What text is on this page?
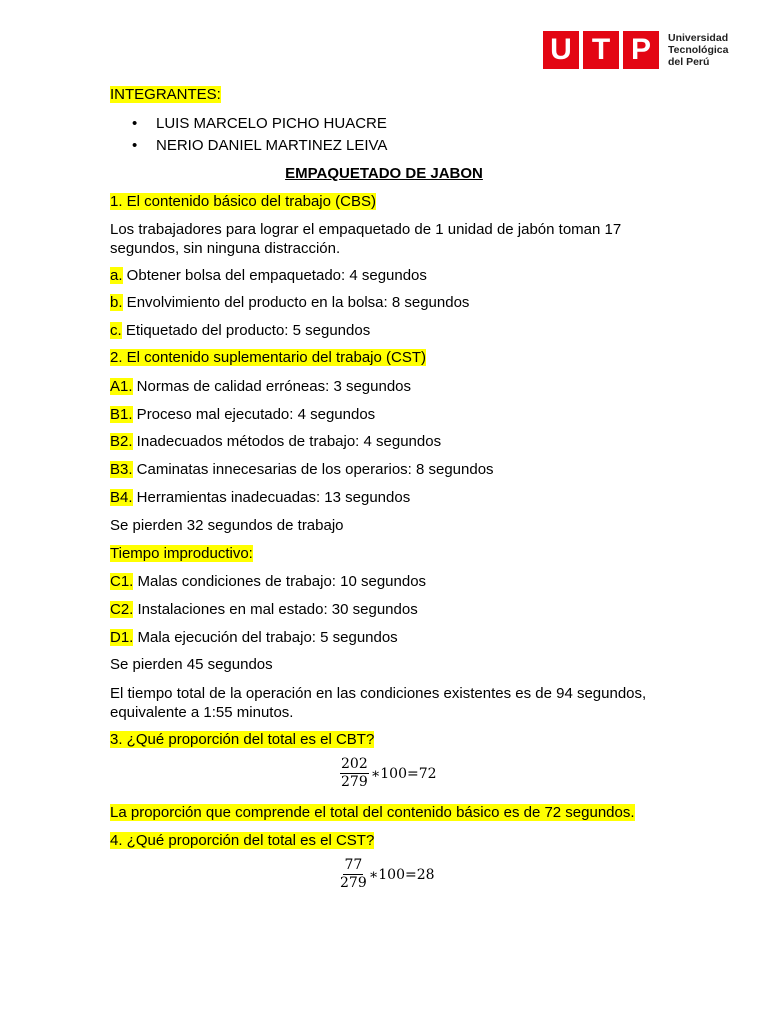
U T P	Universidad
Tecnológica
del Perú
INTEGRANTES:
• LUIS MARCELO PICHO HUACRE
• NERIO DANIEL MARTINEZ LEIVA
EMPAQUETADO DE JABON
1. El contenido básico del trabajo (CBS)
Los trabajadores para lograr el empaquetado de 1 unidad de jabón toman 17 segundos, sin ninguna distracción.
a. Obtener bolsa del empaquetado: 4 segundos
b. Envolvimiento del producto en la bolsa: 8 segundos
c. Etiquetado del producto: 5 segundos
2. El contenido suplementario del trabajo (CST)
A1. Normas de calidad erróneas: 3 segundos
B1. Proceso mal ejecutado: 4 segundos
B2. Inadecuados métodos de trabajo: 4 segundos
B3. Caminatas innecesarias de los operarios: 8 segundos
B4. Herramientas inadecuadas: 13 segundos
Se pierden 32 segundos de trabajo
Tiempo improductivo:
C1. Malas condiciones de trabajo: 10 segundos
C2. Instalaciones en mal estado: 30 segundos
D1. Mala ejecución del trabajo: 5 segundos
Se pierden 45 segundos
El tiempo total de la operación en las condiciones existentes es de 94 segundos, equivalente a 1:55 minutos.
3. ¿Qué proporción del total es el CBT?
$\frac{202}{279}$ ∗100=72
La proporción que comprende el total del contenido básico es de 72 segundos.
4. ¿Qué proporción del total es el CST?
$\frac{77}{279}$ ∗100=28
